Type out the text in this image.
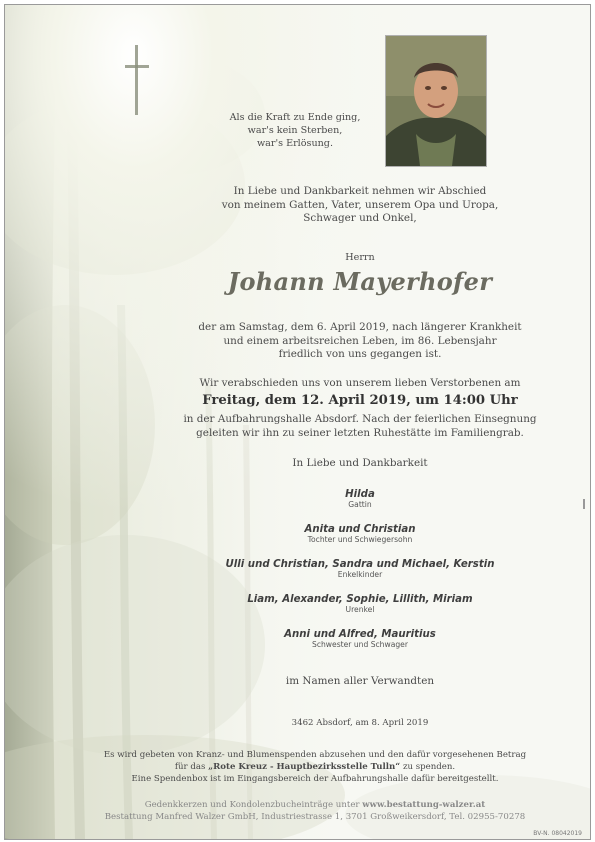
Als die Kraft zu Ende ging,
war's kein Sterben,
war's Erlösung.
In Liebe und Dankbarkeit nehmen wir Abschied
von meinem Gatten, Vater, unserem Opa und Uropa,
Schwager und Onkel,
Herrn
Johann Mayerhofer
der am Samstag, dem 6. April 2019, nach längerer Krankheit
und einem arbeitsreichen Leben, im 86. Lebensjahr
friedlich von uns gegangen ist.
Wir verabschieden uns von unserem lieben Verstorbenen am
Freitag, dem 12. April 2019, um 14:00 Uhr
in der Aufbahrungshalle Absdorf. Nach der feierlichen Einsegnung
geleiten wir ihn zu seiner letzten Ruhestätte im Familiengrab.
In Liebe und Dankbarkeit
Hilda
Gattin
Anita und Christian
Tochter und Schwiegersohn
Ulli und Christian, Sandra und Michael, Kerstin
Enkelkinder
Liam, Alexander, Sophie, Lillith, Miriam
Urenkel
Anni und Alfred, Mauritius
Schwester und Schwager
im Namen aller Verwandten
3462 Absdorf, am 8. April 2019
Es wird gebeten von Kranz- und Blumenspenden abzusehen und den dafür vorgesehenen Betrag
für das „Rote Kreuz - Hauptbezirksstelle Tulln“ zu spenden.
Eine Spendenbox ist im Eingangsbereich der Aufbahrungshalle dafür bereitgestellt.
Gedenkkerzen und Kondolenzbucheinträge unter www.bestattung-walzer.at
Bestattung Manfred Walzer GmbH, Industriestrasse 1, 3701 Großweikersdorf, Tel. 02955-70278
BV-N. 08042019
